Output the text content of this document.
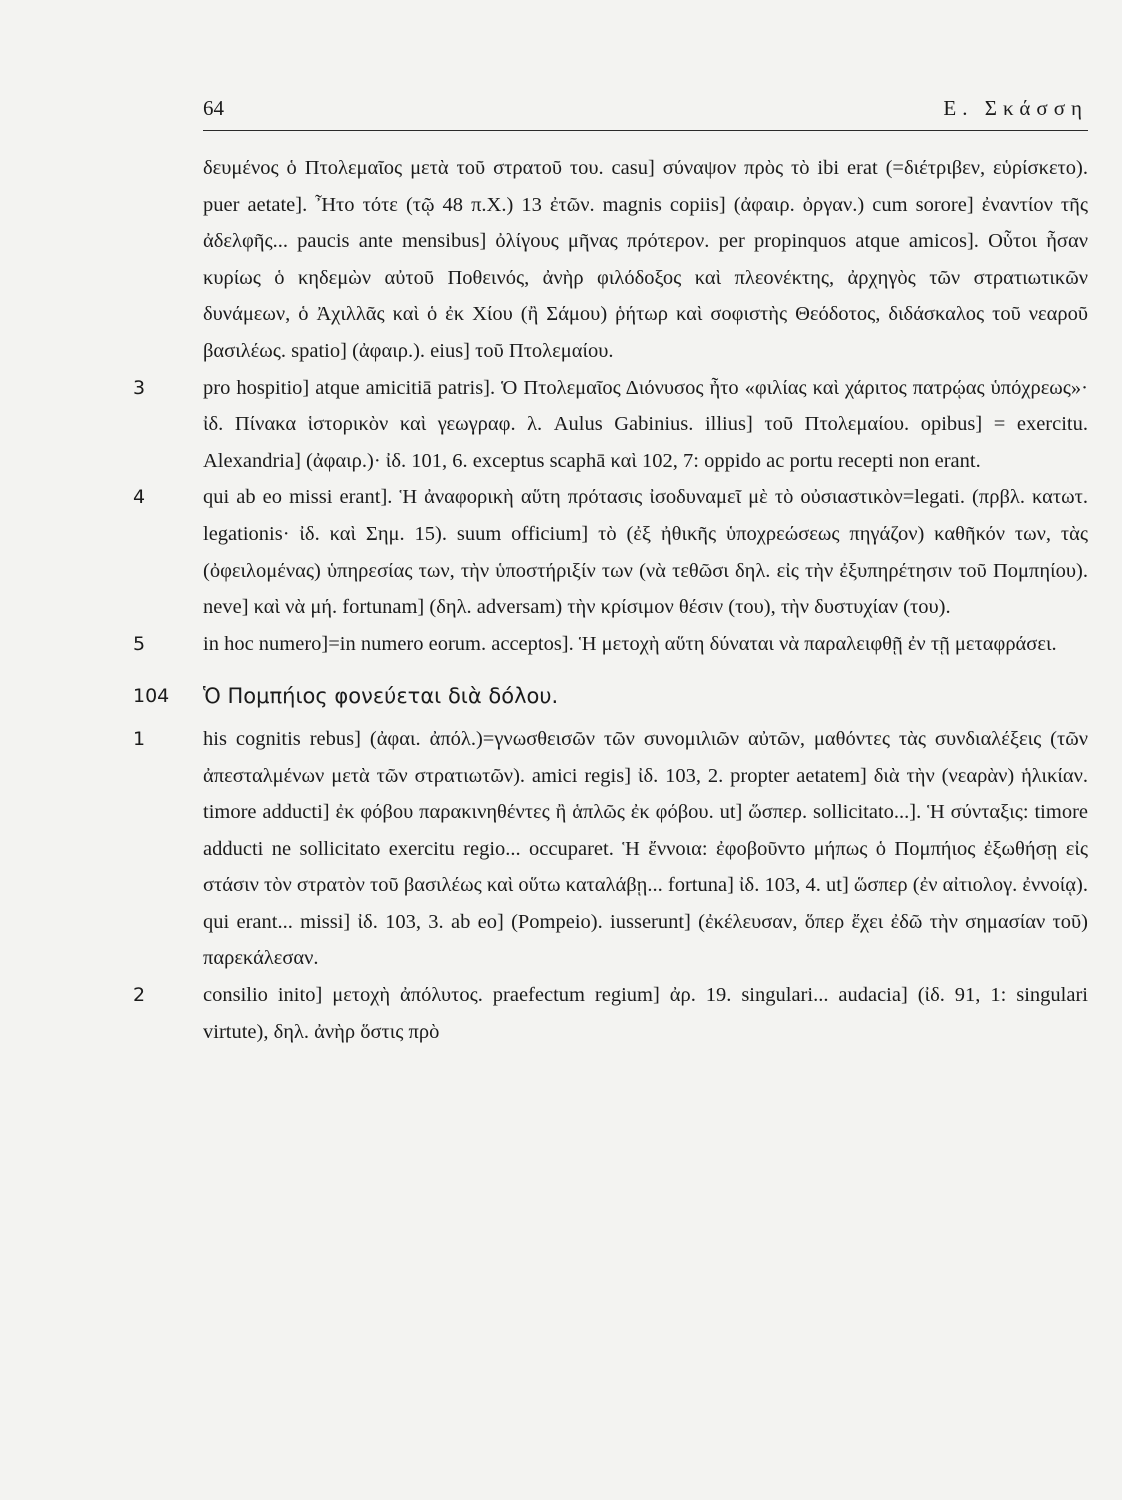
64	Ε. Σκάσση

δευμένος ὁ Πτολεμαῖος μετὰ τοῦ στρατοῦ του. casu] σύναψον πρὸς τὸ ibi erat (=διέτριβεν, εὑρίσκετο). puer aetate]. Ἦτο τότε (τῷ 48 π.Χ.) 13 ἐτῶν. magnis copiis] (ἀφαιρ. ὀργαν.) cum sorore] ἐναντίον τῆς ἀδελφῆς... paucis ante mensibus] ὀλίγους μῆνας πρότερον. per propinquos atque amicos]. Οὗτοι ἦσαν κυρίως ὁ κηδεμὼν αὐτοῦ Ποθεινός, ἀνὴρ φιλόδοξος καὶ πλεονέκτης, ἀρχηγὸς τῶν στρατιωτικῶν δυνάμεων, ὁ Ἀχιλλᾶς καὶ ὁ ἐκ Χίου (ἢ Σάμου) ῥήτωρ καὶ σοφιστὴς Θεόδοτος, διδάσκαλος τοῦ νεαροῦ βασιλέως. spatio] (ἀφαιρ.). eius] τοῦ Πτολεμαίου.

3	pro hospitio] atque amicitiā patris]. Ὁ Πτολεμαῖος Διόνυσος ἦτο «φιλίας καὶ χάριτος πατρῴας ὑπόχρεως»· ἰδ. Πίνακα ἱστορικὸν καὶ γεωγραφ. λ. Aulus Gabinius. illius] τοῦ Πτολεμαίου. opibus] = exercitu. Alexandria] (ἀφαιρ.)· ἰδ. 101, 6. exceptus scaphā καὶ 102, 7: oppido ac portu recepti non erant.

4	qui ab eo missi erant]. Ἡ ἀναφορικὴ αὕτη πρότασις ἰσοδυναμεῖ μὲ τὸ οὐσιαστικὸν=legati. (πρβλ. κατωτ. legationis· ἰδ. καὶ Σημ. 15). suum officium] τὸ (ἐξ ἠθικῆς ὑποχρεώσεως πηγάζον) καθῆκόν των, τὰς (ὀφειλομένας) ὑπηρεσίας των, τὴν ὑποστήριξίν των (νὰ τεθῶσι δηλ. εἰς τὴν ἐξυπηρέτησιν τοῦ Πομπηίου). neve] καὶ νὰ μή. fortunam] (δηλ. adversam) τὴν κρίσιμον θέσιν (του), τὴν δυστυχίαν (του).

5	in hoc numero]=in numero eorum. acceptos]. Ἡ μετοχὴ αὕτη δύναται νὰ παραλειφθῇ ἐν τῇ μεταφράσει.

104 Ὁ Πομπήιος φονεύεται διὰ δόλου.
1	his cognitis rebus] (ἀφαι. ἀπόλ.)=γνωσθεισῶν τῶν συνομιλιῶν αὐτῶν, μαθόντες τὰς συνδιαλέξεις (τῶν ἀπεσταλμένων μετὰ τῶν στρατιωτῶν). amici regis] ἰδ. 103, 2. propter aetatem] διὰ τὴν (νεαρὰν) ἡλικίαν. timore adducti] ἐκ φόβου παρακινηθέντες ἢ ἁπλῶς ἐκ φόβου. ut] ὥσπερ. sollicitato...]. Ἡ σύνταξις: timore adducti ne sollicitato exercitu regio... occuparet. Ἡ ἔννοια: ἐφοβοῦντο μήπως ὁ Πομπήιος ἐξωθήσῃ εἰς στάσιν τὸν στρατὸν τοῦ βασιλέως καὶ οὕτω καταλάβῃ... fortuna] ἰδ. 103, 4. ut] ὥσπερ (ἐν αἰτιολογ. ἐννοίᾳ). qui erant... missi] ἰδ. 103, 3. ab eo] (Pompeio). iusserunt] (ἐκέλευσαν, ὅπερ ἔχει ἐδῶ τὴν σημασίαν τοῦ) παρεκάλεσαν.

2	consilio inito] μετοχὴ ἀπόλυτος. praefectum regium] ἀρ. 19. singulari... audacia] (ἰδ. 91, 1: singulari virtute), δηλ. ἀνὴρ ὅστις πρὸ
